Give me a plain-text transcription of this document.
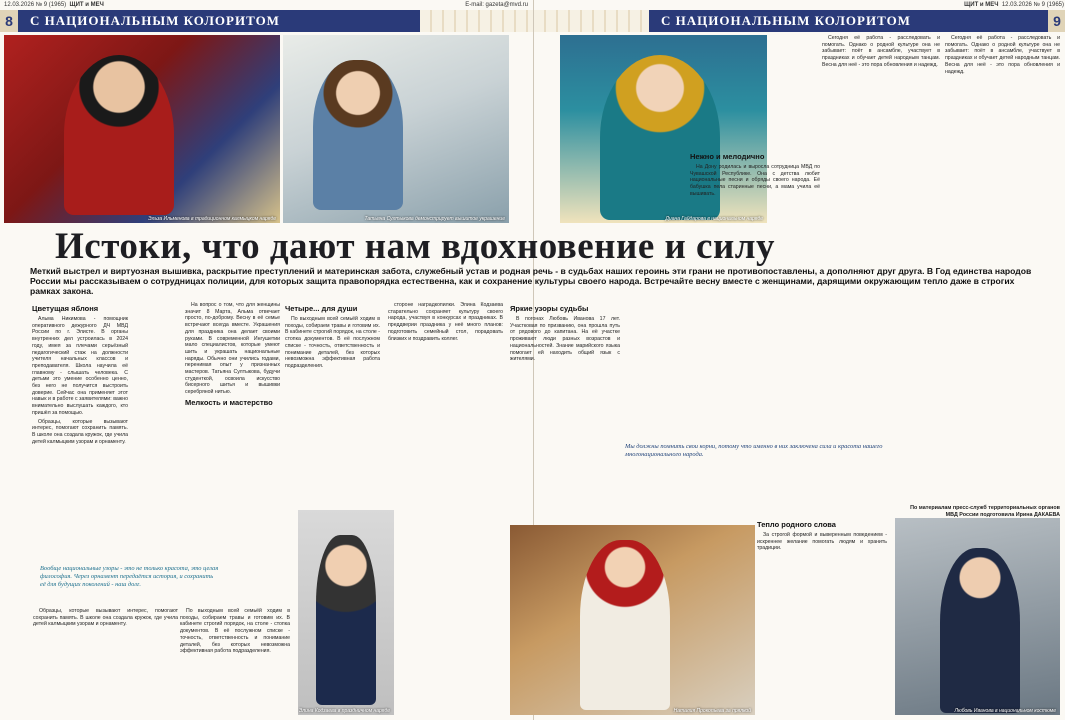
12.03.2026 № 9 (1965)
ЩИТ и МЕЧ	E-mail: gazeta@mvd.ru
8	С НАЦИОНАЛЬНЫМ КОЛОРИТОМ
ЩИТ и МЕЧ
12.03.2026 № 9 (1965)
С НАЦИОНАЛЬНЫМ КОЛОРИТОМ	9
Эльза Ильменова в традиционном калмыцком наряде	Татьяна Султыкова демонстрирует вышитое украшение	Диана Гайдарова в национальном наряде
Истоки, что дают нам вдохновение и силу
Меткий выстрел и виртуозная вышивка, раскрытие преступлений и материнская забота, служебный устав и родная речь - в судьбах наших героинь эти грани не противопоставлены, а дополняют друг друга. В Год единства народов России мы рассказываем о сотрудницах полиции, для которых защита правопорядка естественна, как и сохранение культуры своего народа. Встречайте весну вместе с женщинами, дарящими окружающим тепло даже в строгих рамках закона.
Цветущая яблоня

Альма Никимова - помощник оперативного дежурного ДЧ МВД России по г. Элисте. В органы внутренних дел устроилась в 2024 году, имея за плечами серьёзный педагогический стаж на должности учителя начальных классов и преподавателя. Школа научила её главному - слышать человека. С детьми это умение особенно ценно, без него не получится выстроить доверие. Сейчас она применяет этот навык и в работе с заявителями: важно внимательно выслушать каждого, кто пришёл за помощью.

Образцы, которые вызывают интерес, помогают сохранить память. В школе она создала кружок, где учила детей калмыцким узорам и орнаменту.

На вопрос о том, что для женщины значит 8 Марта, Альма отвечает просто, по-доброму. Весну в её семье встречают всегда вместе. Украшения для праздника она делает своими руками. В современной Ингушетии мало специалистов, которые умеют шить и украшать национальные наряды. Обычно они учились годами, перенимая опыт у признанных мастеров. Татьяна Султыкова, будучи студенткой, освоила искусство бисерного шитья и вышивки серебряной нитью.

Мелкость и мастерство
Четыре... для души

По выходным всей семьёй ходим в походы, собираем травы и готовим их. В кабинете строгий порядок, на столе - стопка документов. В её послужном списке - точность, ответственность и понимание деталей, без которых невозможна эффективная работа подразделения.

стороне наградкопилки. Элина Кодзаева старательно сохраняет культуру своего народа, участвуя в конкурсах и праздниках. В преддверии праздника у неё много планов: подготовить семейный стол, порадовать близких и поздравить коллег.

Яркие узоры судьбы

В погонах Любовь Иванова 17 лет. Участковая по призванию, она прошла путь от рядового до капитана. На её участке проживают люди разных возрастов и национальностей. Знание марийского языка помогает ей находить общий язык с жителями.

Нежно и мелодично

На Дону родилась и выросла сотрудница МВД по Чувашской Республике. Она с детства любит национальные песни и обряды своего народа. Её бабушка пела старинные песни, а мама учила её вышивать.

Сегодня её работа - расследовать и помогать. Однако о родной культуре она не забывает: поёт в ансамбле, участвует в праздниках и обучает детей народным танцам. Весна для неё - это пора обновления и надежд.

Сегодня её работа - расследовать и помогать. Однако о родной культуре она не забывает: поёт в ансамбле, участвует в праздниках и обучает детей народным танцам. Весна для неё - это пора обновления и надежд.

Вообще национальные узоры - это не только красота, это целая философия. Через орнамент передаётся история, и сохранить её для будущих поколений - наш долг.
Мы должны помнить свои корни, потому что именно в них заключена сила и красота нашего многонационального народа.

Образцы, которые вызывают интерес, помогают сохранить память. В школе она создала кружок, где учила детей калмыцким узорам и орнаменту.

По выходным всей семьёй ходим в походы, собираем травы и готовим их. В кабинете строгий порядок, на столе - стопка документов. В её послужном списке - точность, ответственность и понимание деталей, без которых невозможна эффективная работа подразделения.

Тепло родного слова

За строгой формой и выверенным поведением - искреннее желание помогать людям и хранить традиции.

Элина Кодзаева в праздничном наряде	Наталия Прокопьева за прялкой	Любовь Иванова в национальном костюме
По материалам пресс-служб территориальных органов МВД России подготовила Ирина ДАКАЕВА
